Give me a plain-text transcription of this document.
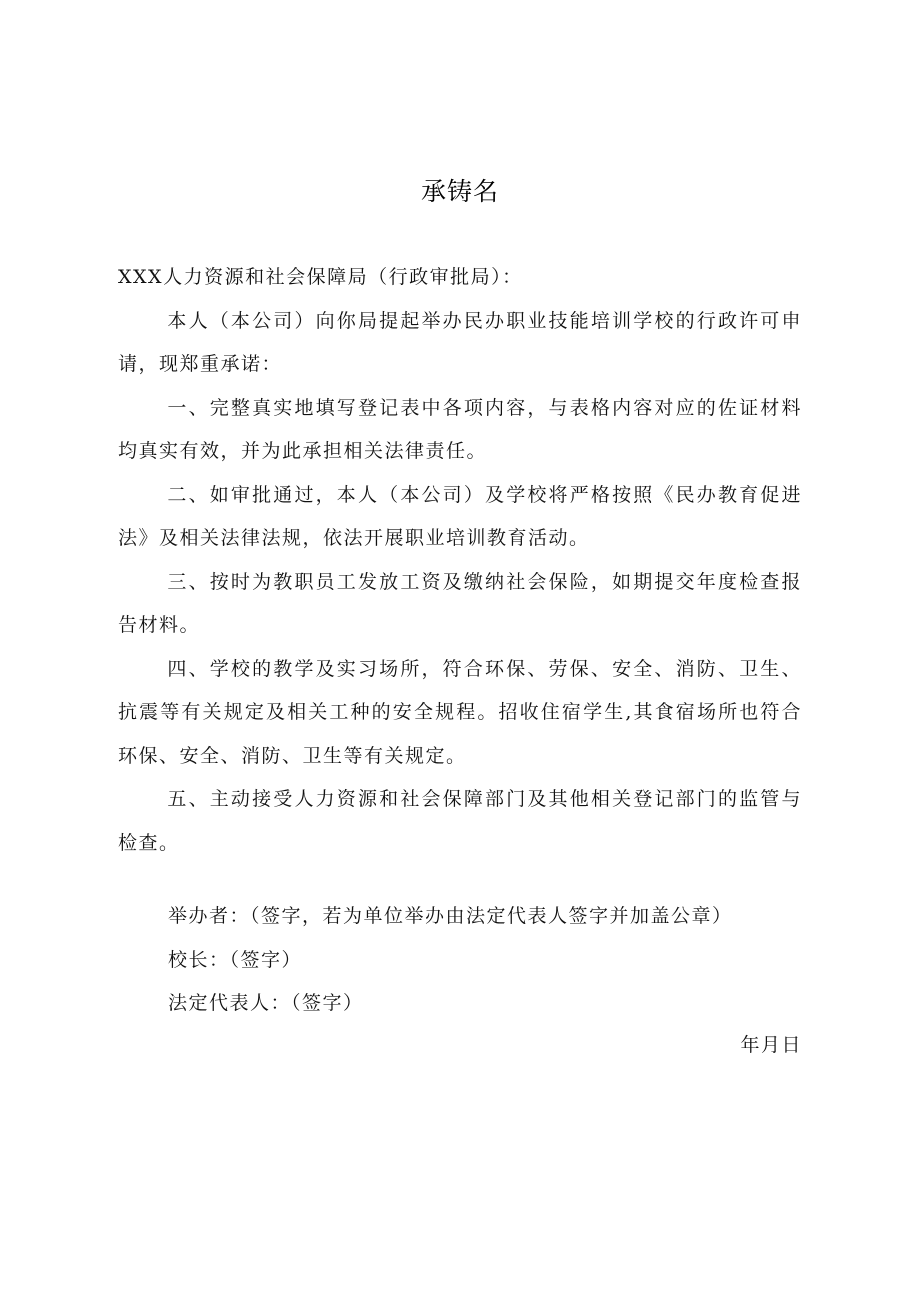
承铸名

XXX人力资源和社会保障局（行政审批局）：

本人（本公司）向你局提起举办民办职业技能培训学校的行政许可申请，现郑重承诺：

一、完整真实地填写登记表中各项内容，与表格内容对应的佐证材料均真实有效，并为此承担相关法律责任。

二、如审批通过，本人（本公司）及学校将严格按照《民办教育促进法》及相关法律法规，依法开展职业培训教育活动。

三、按时为教职员工发放工资及缴纳社会保险，如期提交年度检查报告材料。

四、学校的教学及实习场所，符合环保、劳保、安全、消防、卫生、抗震等有关规定及相关工种的安全规程。招收住宿学生,其食宿场所也符合环保、安全、消防、卫生等有关规定。

五、主动接受人力资源和社会保障部门及其他相关登记部门的监管与检查。

举办者：（签字，若为单位举办由法定代表人签字并加盖公章）
校长：（签字）
法定代表人：（签字）
年月日
